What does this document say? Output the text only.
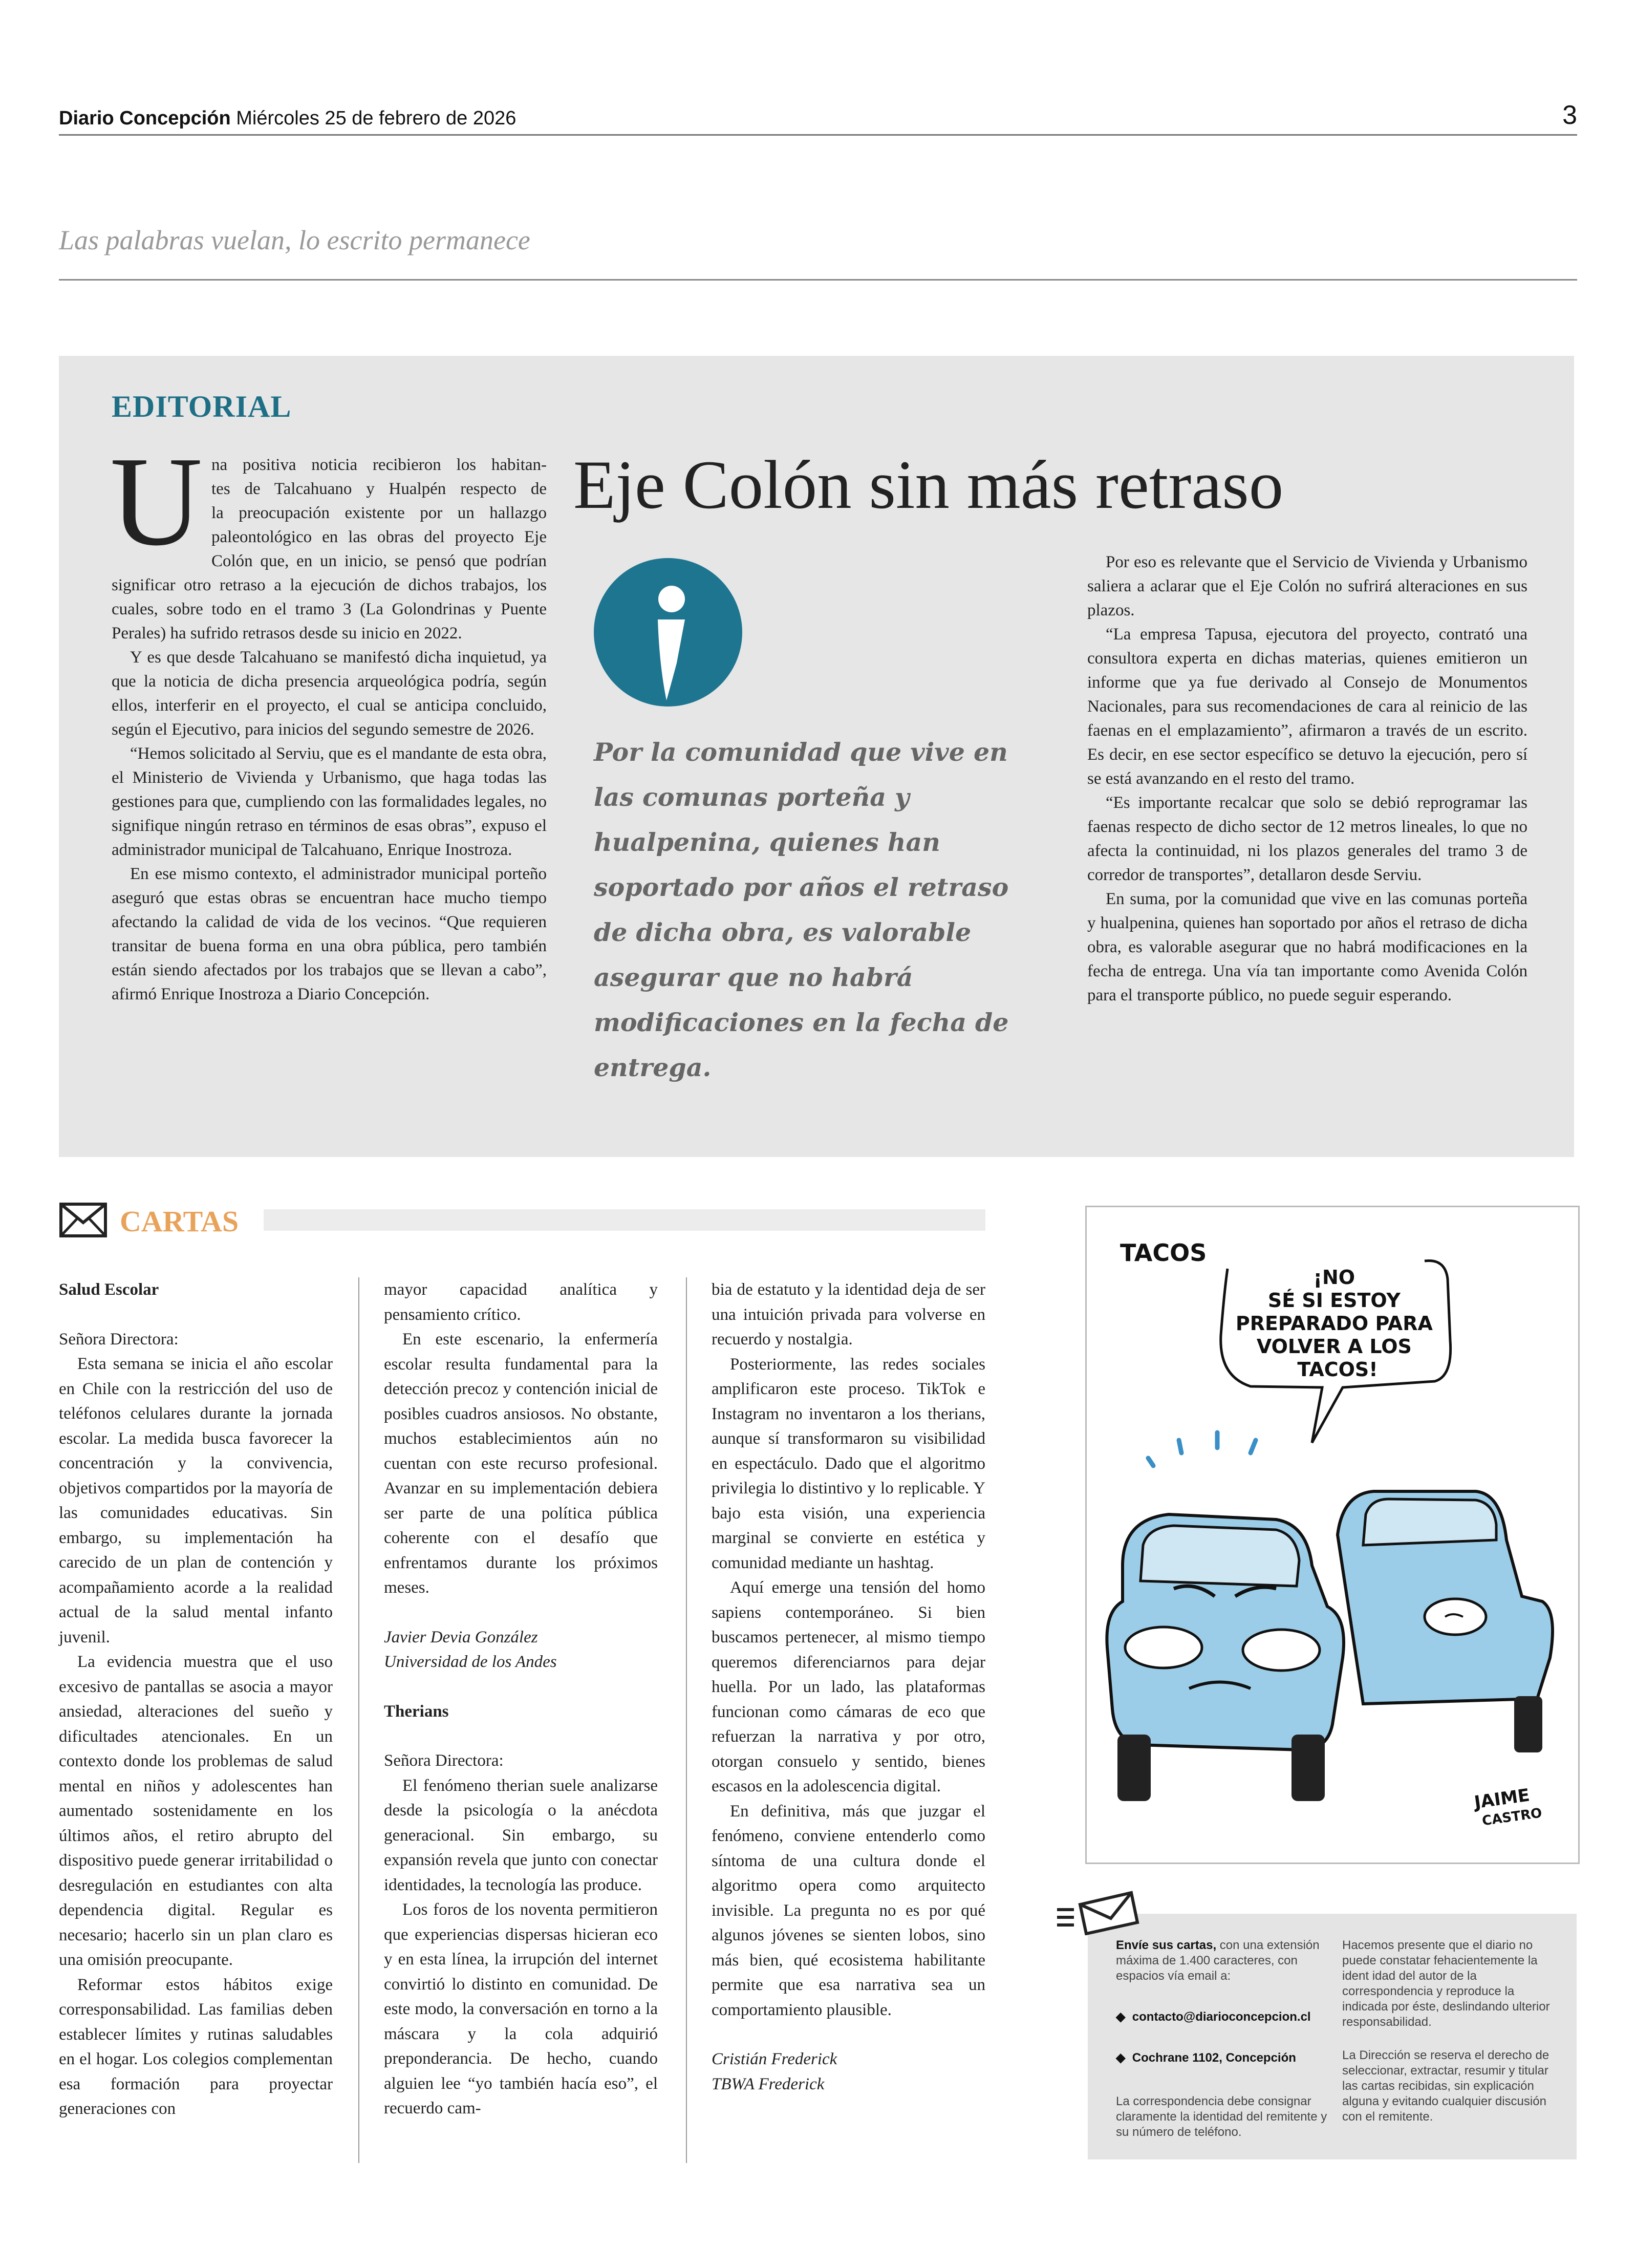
Diario Concepción Miércoles 25 de febrero de 2026	3
Las palabras vuelan, lo escrito permanece
EDITORIAL
U	Eje Colón sin más retraso
na positiva noticia recibieron los habitan-
tes de Talcahuano y Hualpén respecto de
la preocupación existente por un hallazgo
paleontológico en las obras del proyecto Eje
Colón que, en un inicio, se pensó que podrían

significar otro retraso a la ejecución de dichos trabajos, los cuales, sobre todo en el tramo 3 (La Golondrinas y Puente Perales) ha sufrido retrasos desde su inicio en 2022.

Y es que desde Talcahuano se manifestó dicha inquietud, ya que la noticia de dicha presencia arqueológica podría, según ellos, interferir en el proyecto, el cual se anticipa concluido, según el Ejecutivo, para inicios del segundo semestre de 2026.

“Hemos solicitado al Serviu, que es el mandante de esta obra, el Ministerio de Vivienda y Urbanismo, que haga todas las gestiones para que, cumpliendo con las formalidades legales, no signifique ningún retraso en términos de esas obras”, expuso el administrador municipal de Talcahuano, Enrique Inostroza.

En ese mismo contexto, el administrador municipal porteño aseguró que estas obras se encuentran hace mucho tiempo afectando la calidad de vida de los vecinos. “Que requieren transitar de buena forma en una obra pública, pero también están siendo afectados por los trabajos que se llevan a cabo”, afirmó Enrique Inostroza a Diario Concepción.

Por la comunidad que vive en las comunas porteña y hualpenina, quienes han soportado por años el retraso de dicha obra, es valorable asegurar que no habrá modificaciones en la fecha de entrega.

Por eso es relevante que el Servicio de Vivienda y Urbanismo saliera a aclarar que el Eje Colón no sufrirá alteraciones en sus plazos.

“La empresa Tapusa, ejecutora del proyecto, contrató una consultora experta en dichas materias, quienes emitieron un informe que ya fue derivado al Consejo de Monumentos Nacionales, para sus recomendaciones de cara al reinicio de las faenas en el emplazamiento”, afirmaron a través de un escrito. Es decir, en ese sector específico se detuvo la ejecución, pero sí se está avanzando en el resto del tramo.

“Es importante recalcar que solo se debió reprogramar las faenas respecto de dicho sector de 12 metros lineales, lo que no afecta la continuidad, ni los plazos generales del tramo 3 de corredor de transportes”, detallaron desde Serviu.

En suma, por la comunidad que vive en las comunas porteña y hualpenina, quienes han soportado por años el retraso de dicha obra, es valorable asegurar que no habrá modificaciones en la fecha de entrega. Una vía tan importante como Avenida Colón para el transporte público, no puede seguir esperando.

CARTAS

Salud Escolar

Señora Directora:

Esta semana se inicia el año escolar en Chile con la restricción del uso de teléfonos celulares durante la jornada escolar. La medida busca favorecer la concentración y la convivencia, objetivos compartidos por la mayoría de las comunidades educativas. Sin embargo, su implementación ha carecido de un plan de contención y acompañamiento acorde a la realidad actual de la salud mental infanto juvenil.

La evidencia muestra que el uso excesivo de pantallas se asocia a mayor ansiedad, alteraciones del sueño y dificultades atencionales. En un contexto donde los problemas de salud mental en niños y adolescentes han aumentado sostenidamente en los últimos años, el retiro abrupto del dispositivo puede generar irritabilidad o desregulación en estudiantes con alta dependencia digital. Regular es necesario; hacerlo sin un plan claro es una omisión preocupante.

Reformar estos hábitos exige corresponsabilidad. Las familias deben establecer límites y rutinas saludables en el hogar. Los colegios complementan esa formación para proyectar generaciones con

mayor capacidad analítica y pensamiento crítico.

En este escenario, la enfermería escolar resulta fundamental para la detección precoz y contención inicial de posibles cuadros ansiosos. No obstante, muchos establecimientos aún no cuentan con este recurso profesional. Avanzar en su implementación debiera ser parte de una política pública coherente con el desafío que enfrentamos durante los próximos meses.

Javier Devia González

Universidad de los Andes

Therians

Señora Directora:

El fenómeno therian suele analizarse desde la psicología o la anécdota generacional. Sin embargo, su expansión revela que junto con conectar identidades, la tecnología las produce.

Los foros de los noventa permitieron que experiencias dispersas hicieran eco y en esta línea, la irrupción del internet convirtió lo distinto en comunidad. De este modo, la conversación en torno a la máscara y la cola adquirió preponderancia. De hecho, cuando alguien lee “yo también hacía eso”, el recuerdo cam-

bia de estatuto y la identidad deja de ser una intuición privada para volverse en recuerdo y nostalgia.

Posteriormente, las redes sociales amplificaron este proceso. TikTok e Instagram no inventaron a los therians, aunque sí transformaron su visibilidad en espectáculo. Dado que el algoritmo privilegia lo distintivo y lo replicable. Y bajo esta visión, una experiencia marginal se convierte en estética y comunidad mediante un hashtag.

Aquí emerge una tensión del homo sapiens contemporáneo. Si bien buscamos pertenecer, al mismo tiempo queremos diferenciarnos para dejar huella. Por un lado, las plataformas funcionan como cámaras de eco que refuerzan la narrativa y por otro, otorgan consuelo y sentido, bienes escasos en la adolescencia digital.

En definitiva, más que juzgar el fenómeno, conviene entenderlo como síntoma de una cultura donde el algoritmo opera como arquitecto invisible. La pregunta no es por qué algunos jóvenes se sienten lobos, sino más bien, qué ecosistema habilitante permite que esa narrativa sea un comportamiento plausible.

Cristián Frederick

TBWA Frederick

TACOS
¡NO SÉ SI ESTOY PREPARADO PARA VOLVER A LOS TACOS!
JAIME
CASTRO
Envíe sus cartas, con una extensión máxima de 1.400 caracteres, con espacios vía email a:
◆  contacto@diarioconcepcion.cl
◆  Cochrane 1102, Concepción
La correspondencia debe consignar claramente la identidad del remitente y su número de teléfono.
Hacemos presente que el diario no puede constatar fehacientemente la ident idad del autor de la correspondencia y reproduce la indicada por éste, deslindando ulterior responsabilidad.
La Dirección se reserva el derecho de seleccionar, extractar, resumir y titular las cartas recibidas, sin explicación alguna y evitando cualquier discusión con el remitente.
